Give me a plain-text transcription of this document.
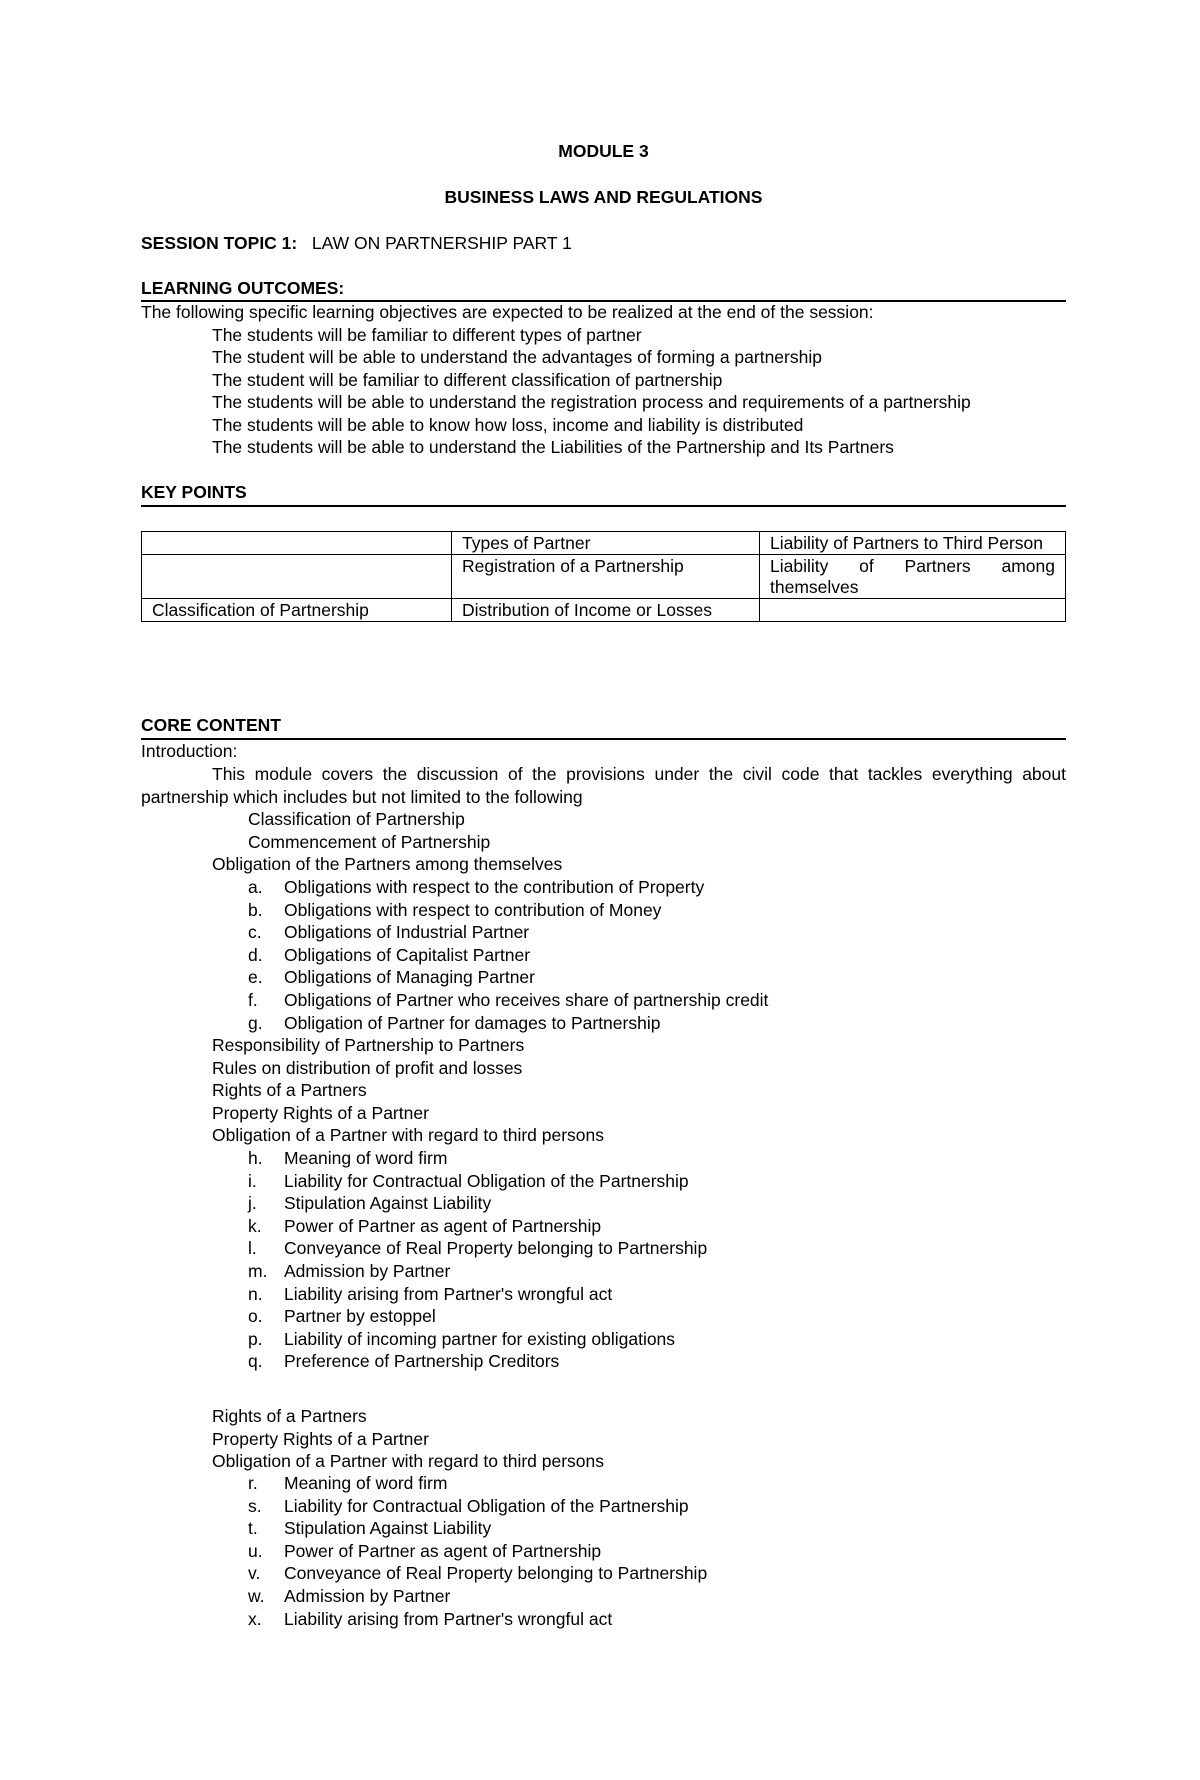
MODULE 3
BUSINESS LAWS AND REGULATIONS
SESSION TOPIC 1: LAW ON PARTNERSHIP PART 1
LEARNING OUTCOMES:
The following specific learning objectives are expected to be realized at the end of the session:
The students will be familiar to different types of partner
The student will be able to understand the advantages of forming a partnership
The student will be familiar to different classification of partnership
The students will be able to understand the registration process and requirements of a partnership
The students will be able to know how loss, income and liability is distributed
The students will be able to understand the Liabilities of the Partnership and Its Partners
KEY POINTS
	Types of Partner	Liability of Partners to Third Person
	Registration of a Partnership	Liability of Partners among themselves
Classification of Partnership	Distribution of Income or Losses	
CORE CONTENT
Introduction:
This module covers the discussion of the provisions under the civil code that tackles everything about partnership which includes but not limited to the following
Classification of Partnership
Commencement of Partnership
Obligation of the Partners among themselves
a.	Obligations with respect to the contribution of Property
b.	Obligations with respect to contribution of Money
c.	Obligations of Industrial Partner
d.	Obligations of Capitalist Partner
e.	Obligations of Managing Partner
f.	Obligations of Partner who receives share of partnership credit
g.	Obligation of Partner for damages to Partnership
Responsibility of Partnership to Partners
Rules on distribution of profit and losses
Rights of a Partners
Property Rights of a Partner
Obligation of a Partner with regard to third persons
h.	Meaning of word firm
i.	Liability for Contractual Obligation of the Partnership
j.	Stipulation Against Liability
k.	Power of Partner as agent of Partnership
l.	Conveyance of Real Property belonging to Partnership
m. Admission by Partner
n.	Liability arising from Partner's wrongful act
o.	Partner by estoppel
p.	Liability of incoming partner for existing obligations
q.	Preference of Partnership Creditors
Rights of a Partners
Property Rights of a Partner
Obligation of a Partner with regard to third persons
r.	Meaning of word firm
s.	Liability for Contractual Obligation of the Partnership
t.	Stipulation Against Liability
u.	Power of Partner as agent of Partnership
v.	Conveyance of Real Property belonging to Partnership
w. Admission by Partner
x.	Liability arising from Partner's wrongful act
